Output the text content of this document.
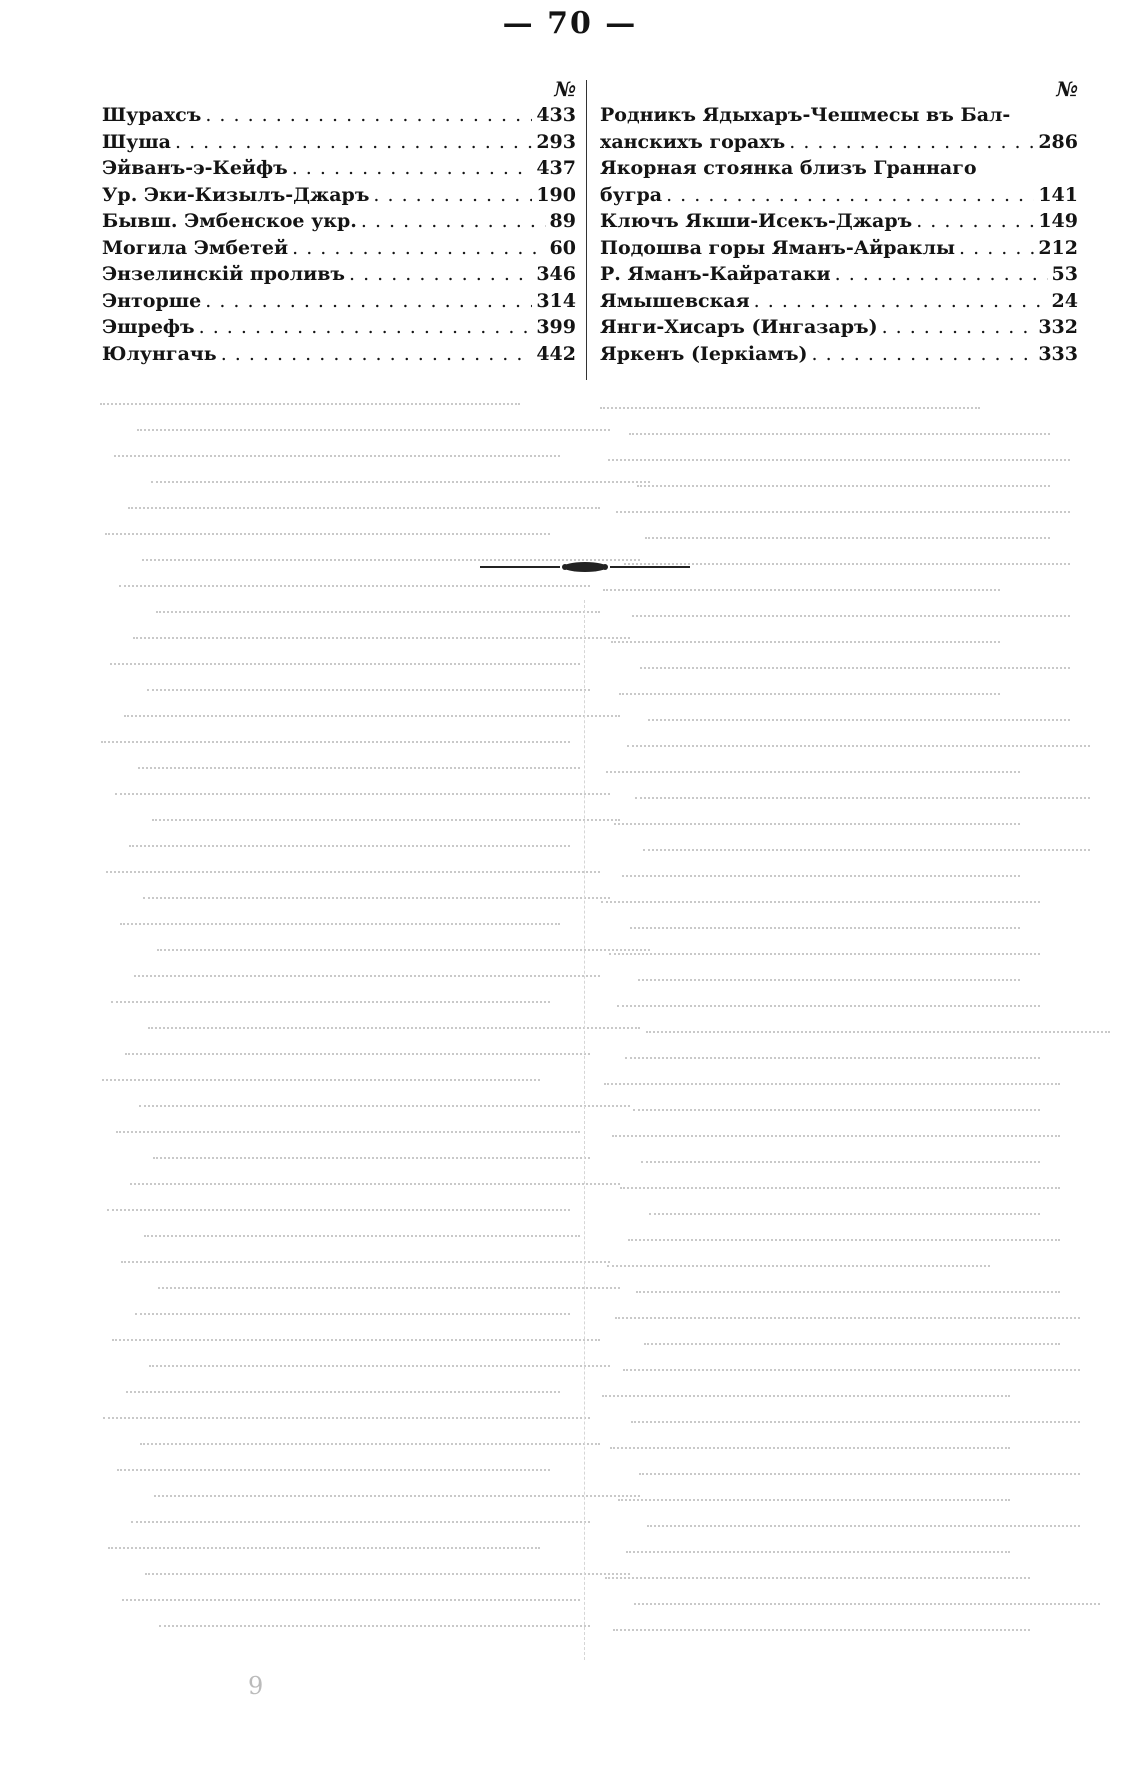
— 70 —
№
Шурахсъ . . .	433
Шуша . . .	293
Эйванъ-э-Кейфъ . . .	437
Ур. Эки-Кизылъ-Джаръ . . .	190
Бывш. Эмбенское укр. . . .	89
Могила Эмбетей . . .	60
Энзелинскій проливъ . . .	346
Энторше . . .	314
Эшрефъ . . .	399
Юлунгачь . . .	442
№
Родникъ Ядыхаръ-Чешмесы въ Бал-
ханскихъ горахъ . . .	286
Якорная стоянка близъ Граннаго
бугра . . .	141
Ключъ Якши-Исекъ-Джаръ . . .	149
Подошва горы Яманъ-Айраклы . . .	212
Р. Яманъ-Кайратаки . . .	53
Ямышевская . . .	24
Янги-Хисаръ (Ингазаръ) . . .	332
Яркенъ (Іеркіамъ) . . .	333
9
